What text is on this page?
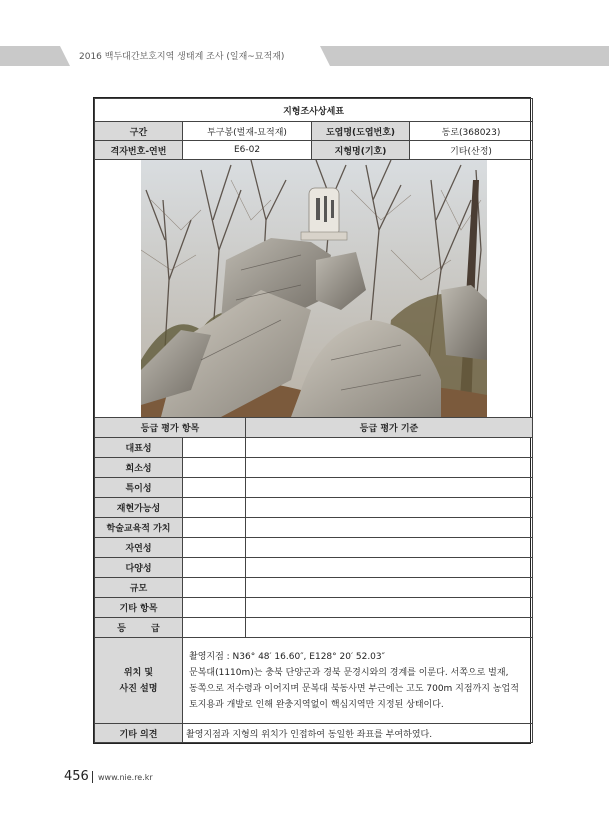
2016 백두대간보호지역 생태계 조사 (일재~묘적재)
지형조사상세표				
구간	투구봉(벌재-묘적재)		도엽명(도엽번호)	동로(368023)
격자번호-연번	E6-02		지형명(기호)	기타(산정)

등급 평가 항목		등급 평가 기준		
대표성				
희소성				
특이성				
재현가능성				
학술교육적 가치				
자연성				
다양성				
규모				
기타 항목				
등        급				
위치 및
사진 설명	촬영지점 : N36° 48′ 16.60″, E128° 20′ 52.03″
문복대(1110m)는 충북 단양군과 경북 문경시와의 경계를 이룬다. 서쪽으로 벌재,
동쪽으로 저수령과 이어지며 문복대 북동사면 부근에는 고도 700m 지점까지 농업적
토지용과 개발로 인해 완충지역없이 핵심지역만 지정된 상태이다.			

기타 의견	촬영지점과 지형의 위치가 인접하여 동일한 좌표를 부여하였다.			
456 www.nie.re.kr
